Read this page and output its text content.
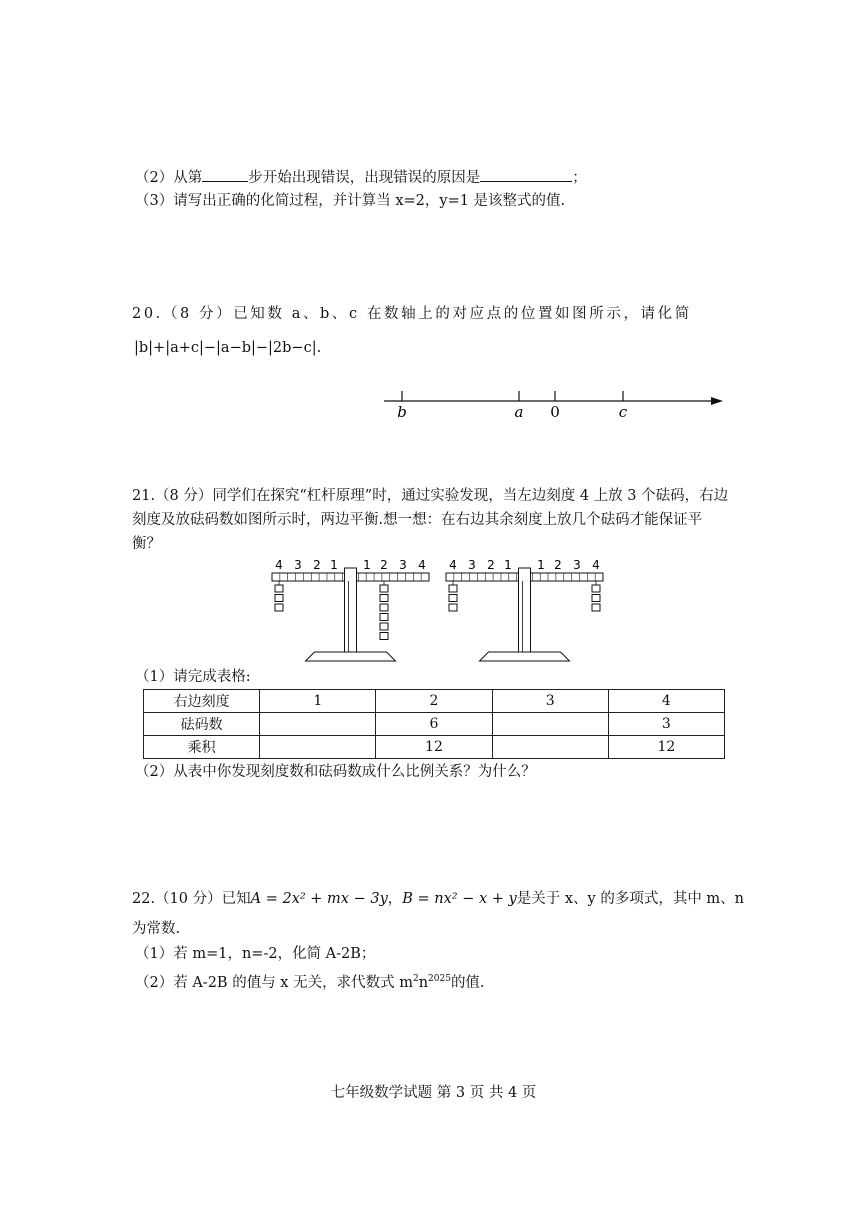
（2）从第	步开始出现错误，出现错误的原因是	；
（3）请写出正确的化简过程，并计算当 x=2，y=1 是该整式的值.
20.（8 分）已知数 a、b、c 在数轴上的对应点的位置如图所示，请化简
|b|+|a+c|−|a−b|−|2b−c|.
b	a 0	c
21.（8 分）同学们在探究“杠杆原理”时，通过实验发现，当左边刻度 4 上放 3 个砝码，右边
刻度及放砝码数如图所示时，两边平衡.想一想：在右边其余刻度上放几个砝码才能保证平
衡？
4 3 2 1 1 2 3 4 4 3 2 1 1 2 3 4
（1）请完成表格:
右边刻度	1	2	3	4
砝码数		6		3
乘积		12		12
（2）从表中你发现刻度数和砝码数成什么比例关系？为什么？
22.（10 分）已知A = 2x² + mx − 3y，B = nx² − x + y是关于 x、y 的多项式，其中 m、n
为常数.
（1）若 m=1，n=-2，化简 A-2B；
（2）若 A-2B 的值与 x 无关，求代数式 $m^2n^{2025}$的值.
七年级数学试题 第 3 页 共 4 页
